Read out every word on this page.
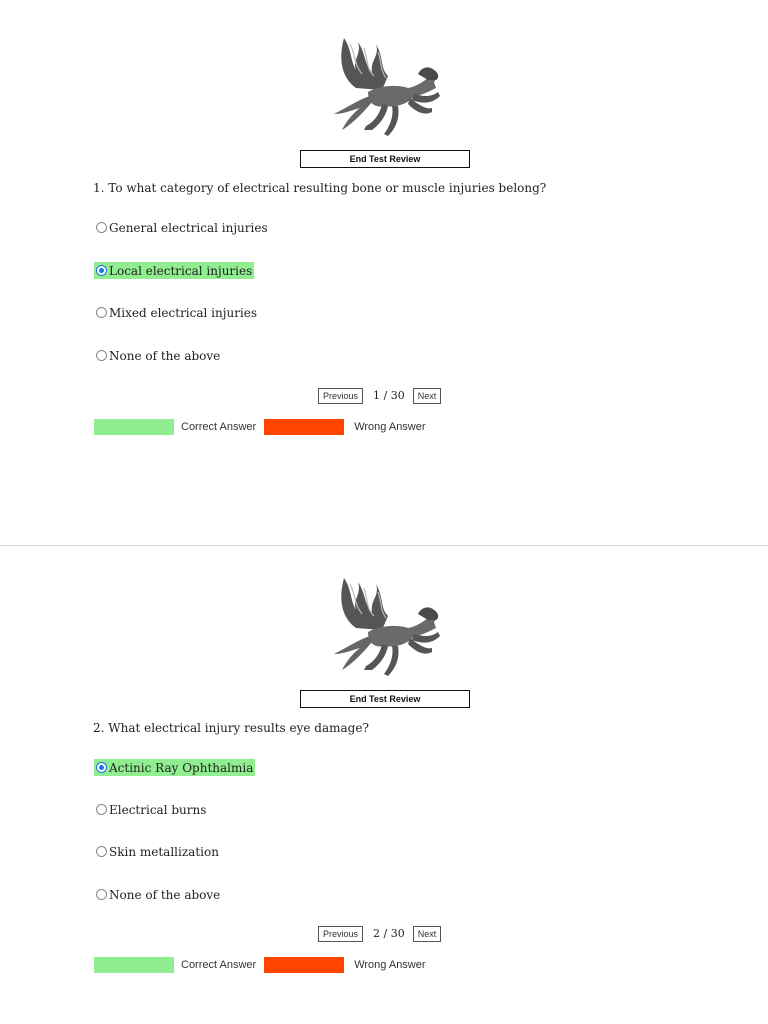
End Test Review
1. To what category of electrical resulting bone or muscle injuries belong?
General electrical injuries
Local electrical injuries
Mixed electrical injuries
None of the above
Previous	1 / 30	Next
Correct Answer	Wrong Answer
End Test Review
2. What electrical injury results eye damage?
Actinic Ray Ophthalmia
Electrical burns
Skin metallization
None of the above
Previous	2 / 30	Next
Correct Answer	Wrong Answer
